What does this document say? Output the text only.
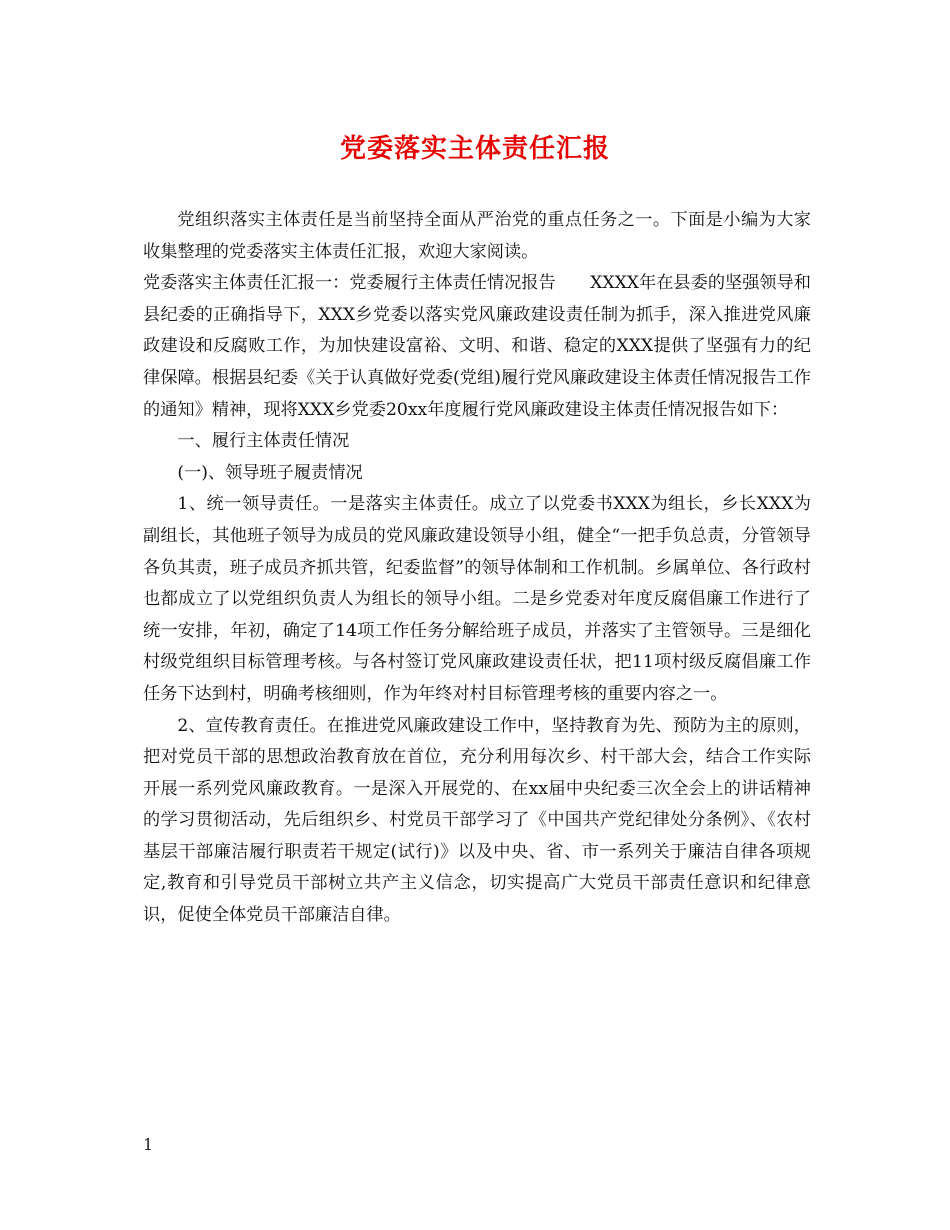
党委落实主体责任汇报

党组织落实主体责任是当前坚持全面从严治党的重点任务之一。下面是小编为大家收集整理的党委落实主体责任汇报，欢迎大家阅读。

党委落实主体责任汇报一：党委履行主体责任情况报告　　XXXX年在县委的坚强领导和县纪委的正确指导下，XXX乡党委以落实党风廉政建设责任制为抓手，深入推进党风廉政建设和反腐败工作，为加快建设富裕、文明、和谐、稳定的XXX提供了坚强有力的纪律保障。根据县纪委《关于认真做好党委(党组)履行党风廉政建设主体责任情况报告工作的通知》精神，现将XXX乡党委20xx年度履行党风廉政建设主体责任情况报告如下：

一、履行主体责任情况

(一)、领导班子履责情况

1、统一领导责任。一是落实主体责任。成立了以党委书XXX为组长，乡长XXX为副组长，其他班子领导为成员的党风廉政建设领导小组，健全“一把手负总责，分管领导各负其责，班子成员齐抓共管，纪委监督”的领导体制和工作机制。乡属单位、各行政村也都成立了以党组织负责人为组长的领导小组。二是乡党委对年度反腐倡廉工作进行了统一安排，年初，确定了14项工作任务分解给班子成员，并落实了主管领导。三是细化村级党组织目标管理考核。与各村签订党风廉政建设责任状，把11项村级反腐倡廉工作任务下达到村，明确考核细则，作为年终对村目标管理考核的重要内容之一。

2、宣传教育责任。在推进党风廉政建设工作中，坚持教育为先、预防为主的原则，把对党员干部的思想政治教育放在首位，充分利用每次乡、村干部大会，结合工作实际开展一系列党风廉政教育。一是深入开展党的、在xx届中央纪委三次全会上的讲话精神的学习贯彻活动，先后组织乡、村党员干部学习了《中国共产党纪律处分条例》、《农村基层干部廉洁履行职责若干规定(试行)》以及中央、省、市一系列关于廉洁自律各项规定,教育和引导党员干部树立共产主义信念，切实提高广大党员干部责任意识和纪律意识，促使全体党员干部廉洁自律。

1
